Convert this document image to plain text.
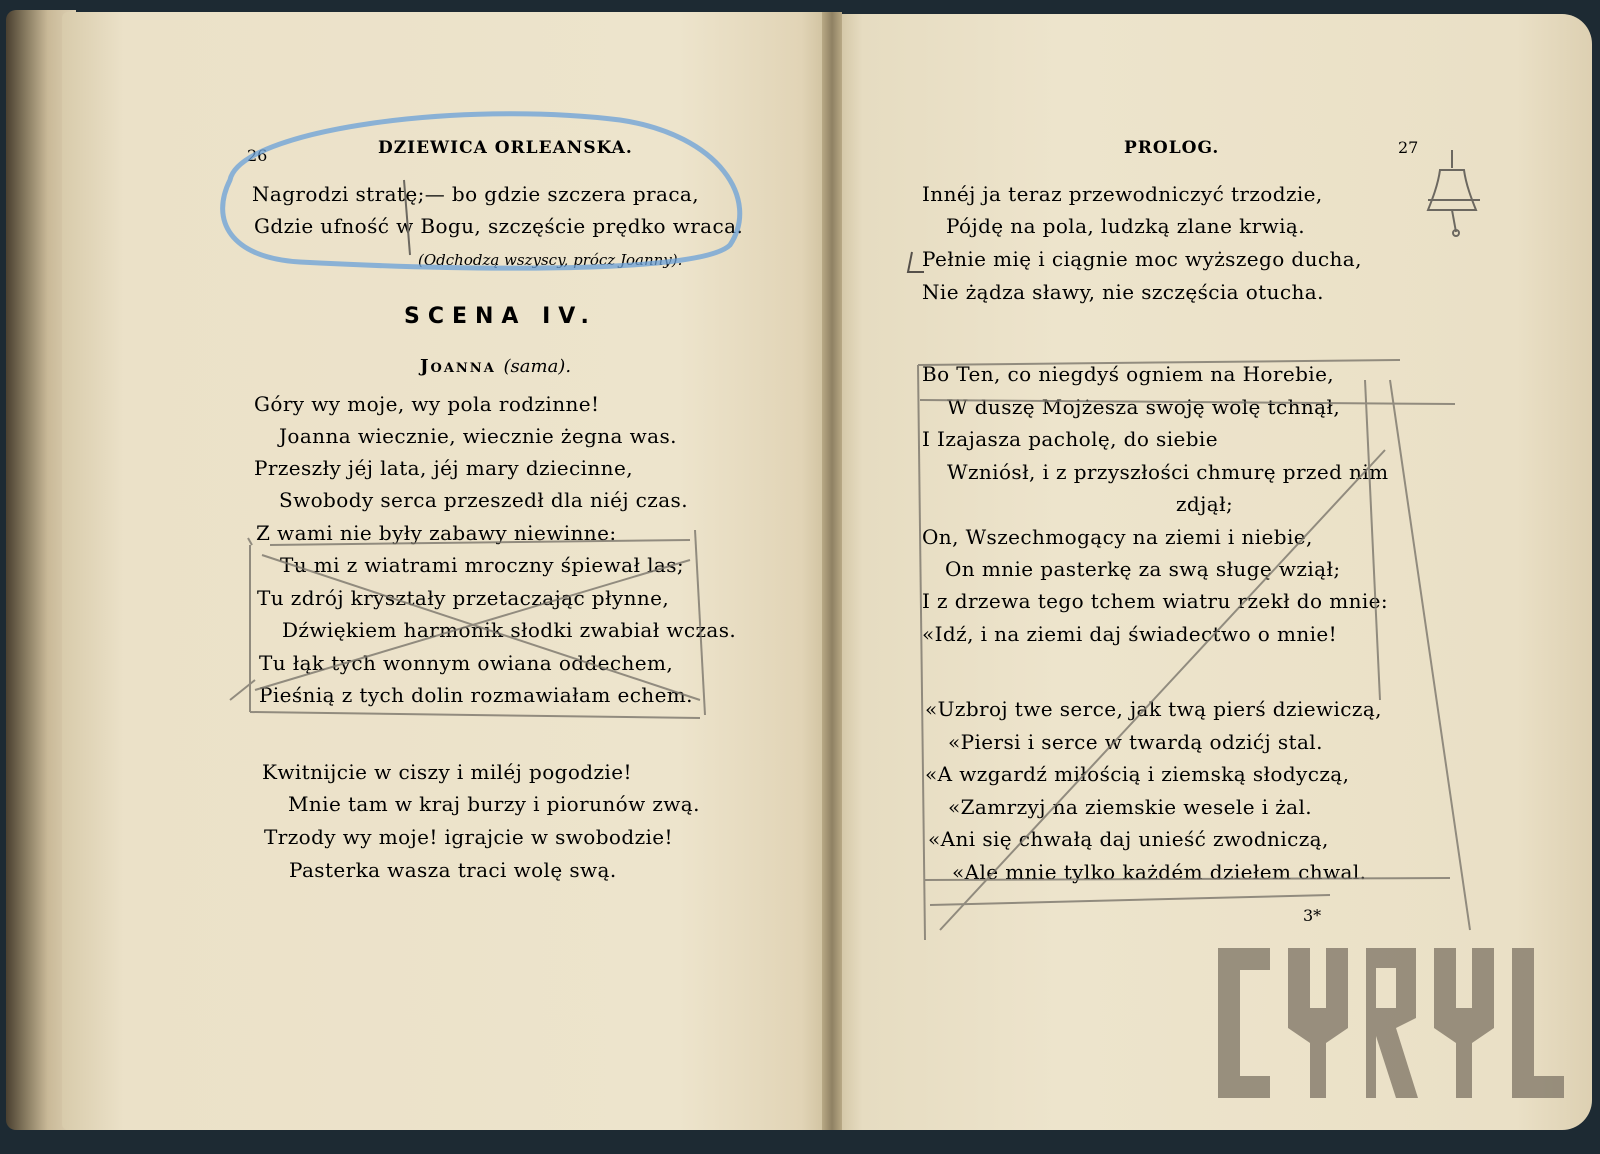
26	DZIEWICA ORLEANSKA.
Nagrodzi stratę;— bo gdzie szczera praca,
Gdzie ufność w Bogu, szczęście prędko wraca.
(Odchodzą wszyscy, prócz Joanny).
SCENA IV.
Joanna (sama).
Góry wy moje, wy pola rodzinne!
Joanna wiecznie, wiecznie żegna was.
Przeszły jéj lata, jéj mary dziecinne,
Swobody serca przeszedł dla niéj czas.
Z wami nie były zabawy niewinne:
Tu mi z wiatrami mroczny śpiewał las;
Tu zdrój kryształy przetaczając płynne,
Dźwiękiem harmonik słodki zwabiał wczas.
Tu łąk tych wonnym owiana oddechem,
Pieśnią z tych dolin rozmawiałam echem.
Kwitnijcie w ciszy i miléj pogodzie!
Mnie tam w kraj burzy i piorunów zwą.
Trzody wy moje! igrajcie w swobodzie!
Pasterka wasza traci wolę swą.
PROLOG.	27
Innéj ja teraz przewodniczyć trzodzie,
Pójdę na pola, ludzką zlane krwią.
Pełnie mię i ciągnie moc wyższego ducha,
Nie żądza sławy, nie szczęścia otucha.
Bo Ten, co niegdyś ogniem na Horebie,
W duszę Mojżesza swoję wolę tchnął,
I Izajasza pacholę, do siebie
Wzniósł, i z przyszłości chmurę przed nim
zdjął;
On, Wszechmogący na ziemi i niebie,
On mnie pasterkę za swą sługę wziął;
I z drzewa tego tchem wiatru rzekł do mnie:
«Idź, i na ziemi daj świadectwo o mnie!
«Uzbroj twe serce, jak twą pierś dziewiczą,
«Piersi i serce w twardą odzićj stal.
«A wzgardź miłością i ziemską słodyczą,
«Zamrzyj na ziemskie wesele i żal.
«Ani się chwałą daj unieść zwodniczą,
«Ale mnie tylko każdém dziełem chwal.
3*
